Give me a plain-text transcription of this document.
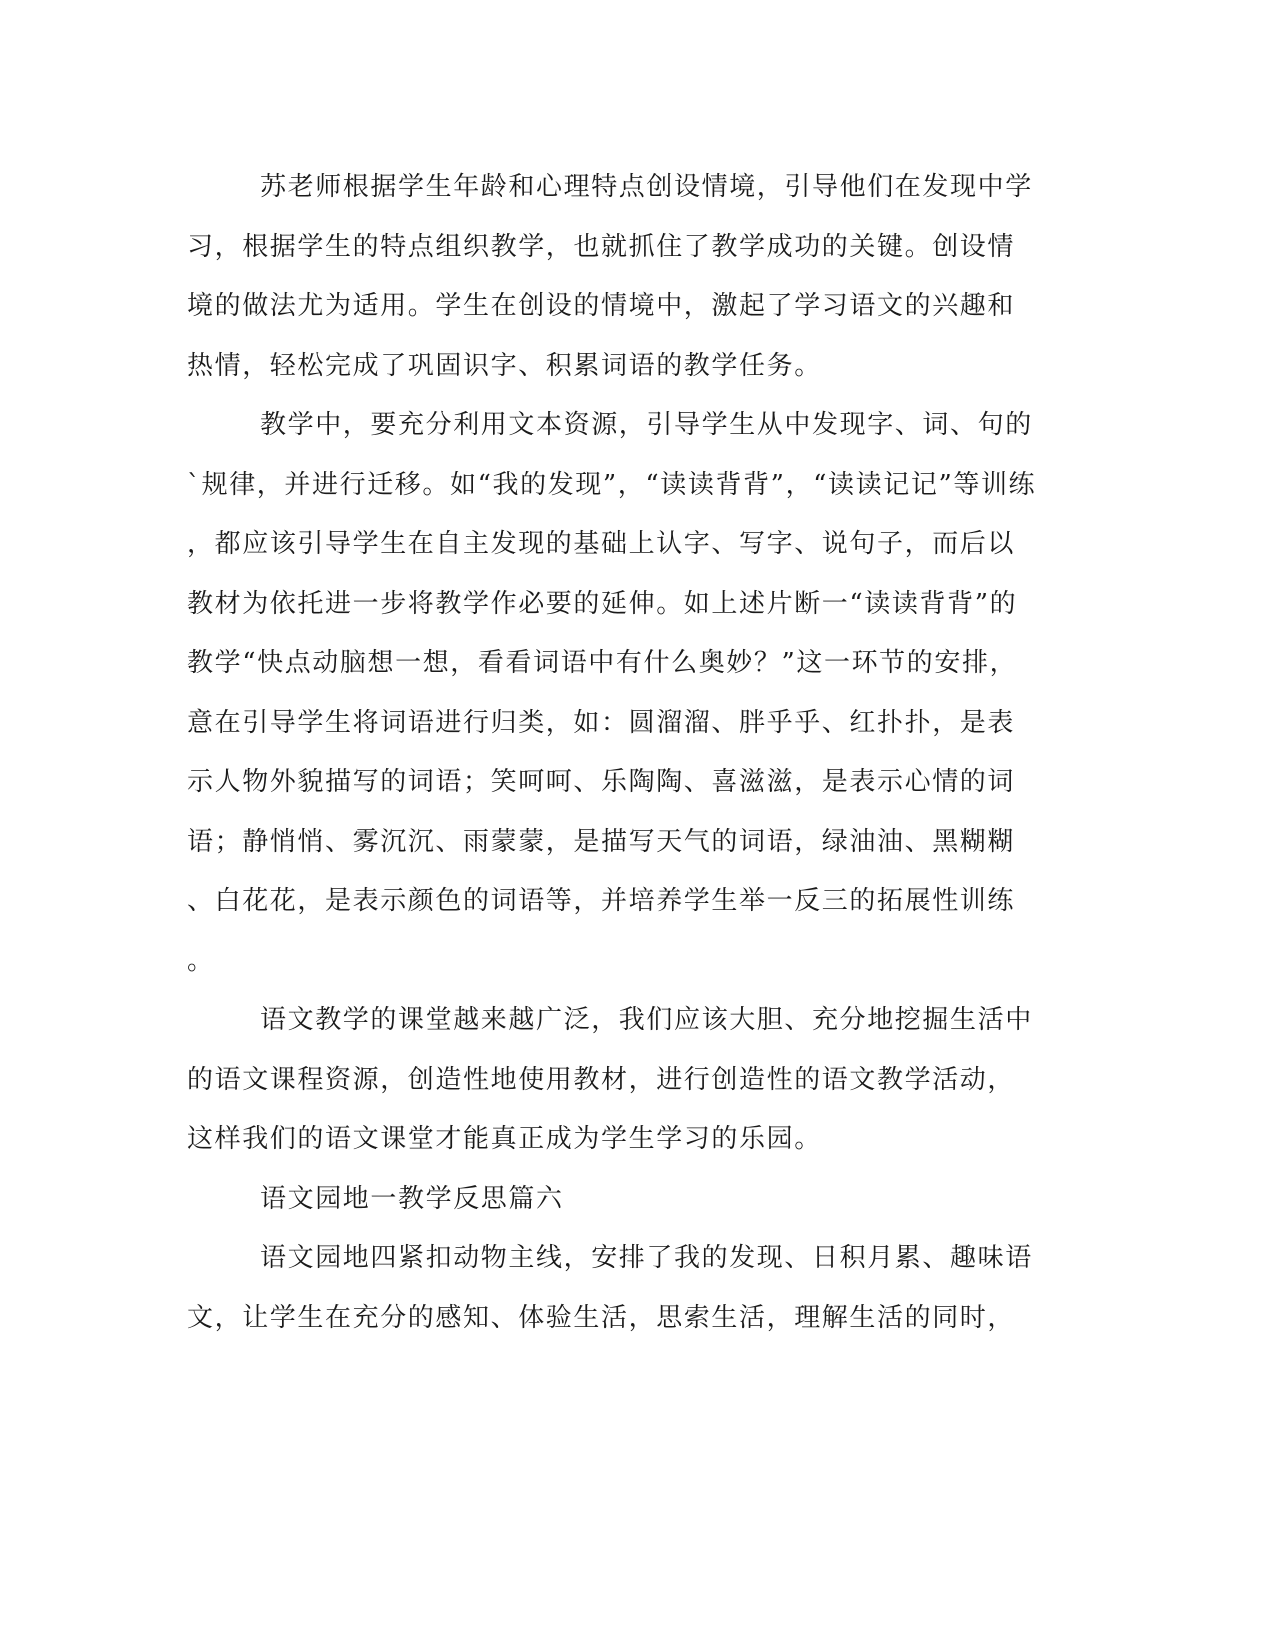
苏老师根据学生年龄和心理特点创设情境，引导他们在发现中学
习，根据学生的特点组织教学，也就抓住了教学成功的关键。创设情
境的做法尤为适用。学生在创设的情境中，激起了学习语文的兴趣和
热情，轻松完成了巩固识字、积累词语的教学任务。
教学中，要充分利用文本资源，引导学生从中发现字、词、句的
`规律，并进行迁移。如“我的发现”，“读读背背”，“读读记记”等训练
，都应该引导学生在自主发现的基础上认字、写字、说句子，而后以
教材为依托进一步将教学作必要的延伸。如上述片断一“读读背背”的
教学“快点动脑想一想，看看词语中有什么奥妙？”这一环节的安排，
意在引导学生将词语进行归类，如：圆溜溜、胖乎乎、红扑扑，是表
示人物外貌描写的词语；笑呵呵、乐陶陶、喜滋滋，是表示心情的词
语；静悄悄、雾沉沉、雨蒙蒙，是描写天气的词语，绿油油、黑糊糊
、白花花，是表示颜色的词语等，并培养学生举一反三的拓展性训练
。
语文教学的课堂越来越广泛，我们应该大胆、充分地挖掘生活中
的语文课程资源，创造性地使用教材，进行创造性的语文教学活动，
这样我们的语文课堂才能真正成为学生学习的乐园。
语文园地一教学反思篇六
语文园地四紧扣动物主线，安排了我的发现、日积月累、趣味语
文，让学生在充分的感知、体验生活，思索生活，理解生活的同时，
